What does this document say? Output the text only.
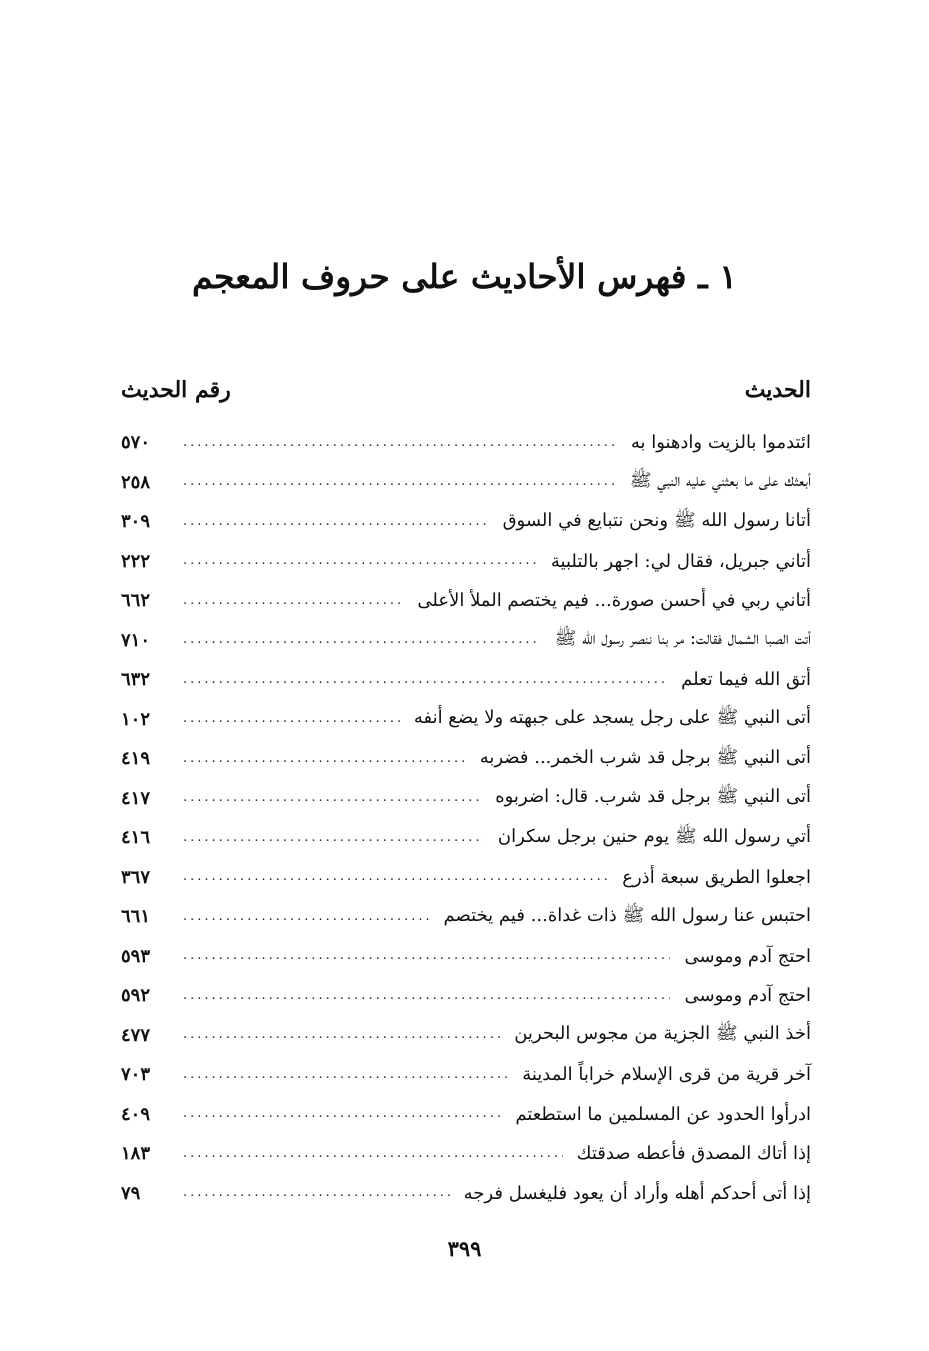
١ ـ فهرس الأحاديث على حروف المعجم
الحديث
رقم الحديث
ائتدموا بالزيت وادهنوا به
.....
٥٧٠
أبعثك على ما بعثني عليه النبي ﷺ
.....
٢٥٨
أتانا رسول الله ﷺ ونحن نتبايع في السوق
.....
٣٠٩
أتاني جبريل، فقال لي: اجهر بالتلبية
.....
٢٢٢
أتاني ربي في أحسن صورة... فيم يختصم الملأ الأعلى
.....
٦٦٢
أتت الصبا الشمال فقالت: مر بنا ننصر رسول الله ﷺ
.....
٧١٠
أتق الله فيما تعلم
.....
٦٣٢
أتى النبي ﷺ على رجل يسجد على جبهته ولا يضع أنفه
.....
١٠٢
أتى النبي ﷺ برجل قد شرب الخمر... فضربه
.....
٤١٩
أتى النبي ﷺ برجل قد شرب. قال: اضربوه
.....
٤١٧
أتي رسول الله ﷺ يوم حنين برجل سكران
.....
٤١٦
اجعلوا الطريق سبعة أذرع
.....
٣٦٧
احتبس عنا رسول الله ﷺ ذات غداة... فيم يختصم
.....
٦٦١
احتج آدم وموسى
.....
٥٩٣
احتج آدم وموسى
.....
٥٩٢
أخذ النبي ﷺ الجزية من مجوس البحرين
.....
٤٧٧
آخر قرية من قرى الإسلام خراباً المدينة
.....
٧٠٣
ادرأوا الحدود عن المسلمين ما استطعتم
.....
٤٠٩
إذا أتاك المصدق فأعطه صدقتك
.....
١٨٣
إذا أتى أحدكم أهله وأراد أن يعود فليغسل فرجه
.....
٧٩
٣٩٩
